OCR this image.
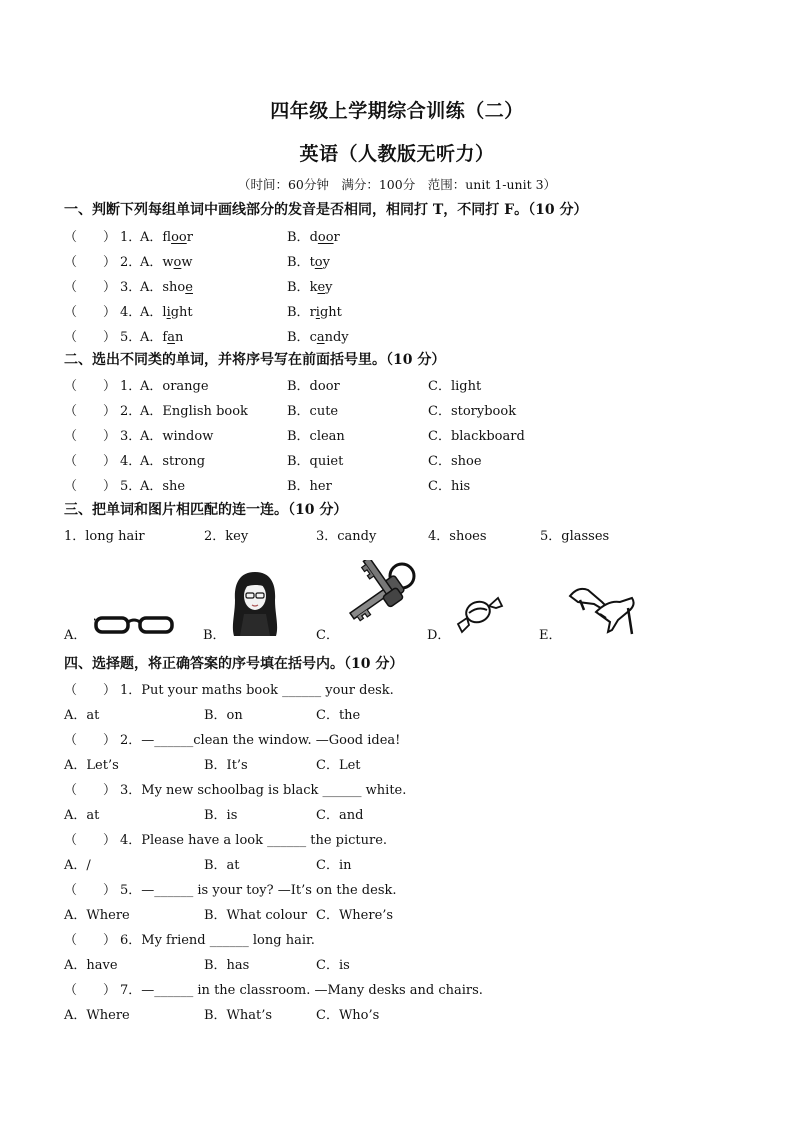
四年级上学期综合训练（二）
英语（人教版无听力）
（时间：60分钟　满分：100分　范围：unit 1-unit 3）
一、判断下列每组单词中画线部分的发音是否相同，相同打 T，不同打 F。（10 分）
（　　） 1．
A．floor	B．door
（　　） 2．
A．wow	B．toy
（　　） 3．
A．shoe	B．key
（　　） 4．
A．light	B．right
（　　） 5．
A．fan	B．candy
二、选出不同类的单词，并将序号写在前面括号里。（10 分）
（　　） 1．
A．orange	B．door	C．light
（　　） 2．
A．English book	B．cute	C．storybook
（　　） 3．
A．window	B．clean	C．blackboard
（　　） 4．
A．strong	B．quiet	C．shoe
（　　） 5．
A．she	B．her	C．his
三、把单词和图片相匹配的连一连。（10 分）
1．long hair	2．key	3．candy	4．shoes	5．glasses
A．	B．	C．	D．	E．
四、选择题，将正确答案的序号填在括号内。（10 分）
（　　） 1．Put your maths book ______ your desk.
A．at	B．on	C．the
（　　） 2．—______clean the window. —Good idea!
A．Let’s	B．It’s	C．Let
（　　） 3．My new schoolbag is black ______ white.
A．at	B．is	C．and
（　　） 4．Please have a look ______ the picture.
A．/	B．at	C．in
（　　） 5．—______ is your toy? —It’s on the desk.
A．Where	B．What colour C．Where’s
（　　） 6．My friend ______ long hair.
A．have	B．has	C．is
（　　） 7．—______ in the classroom. —Many desks and chairs.
A．Where	B．What’s	C．Who’s
